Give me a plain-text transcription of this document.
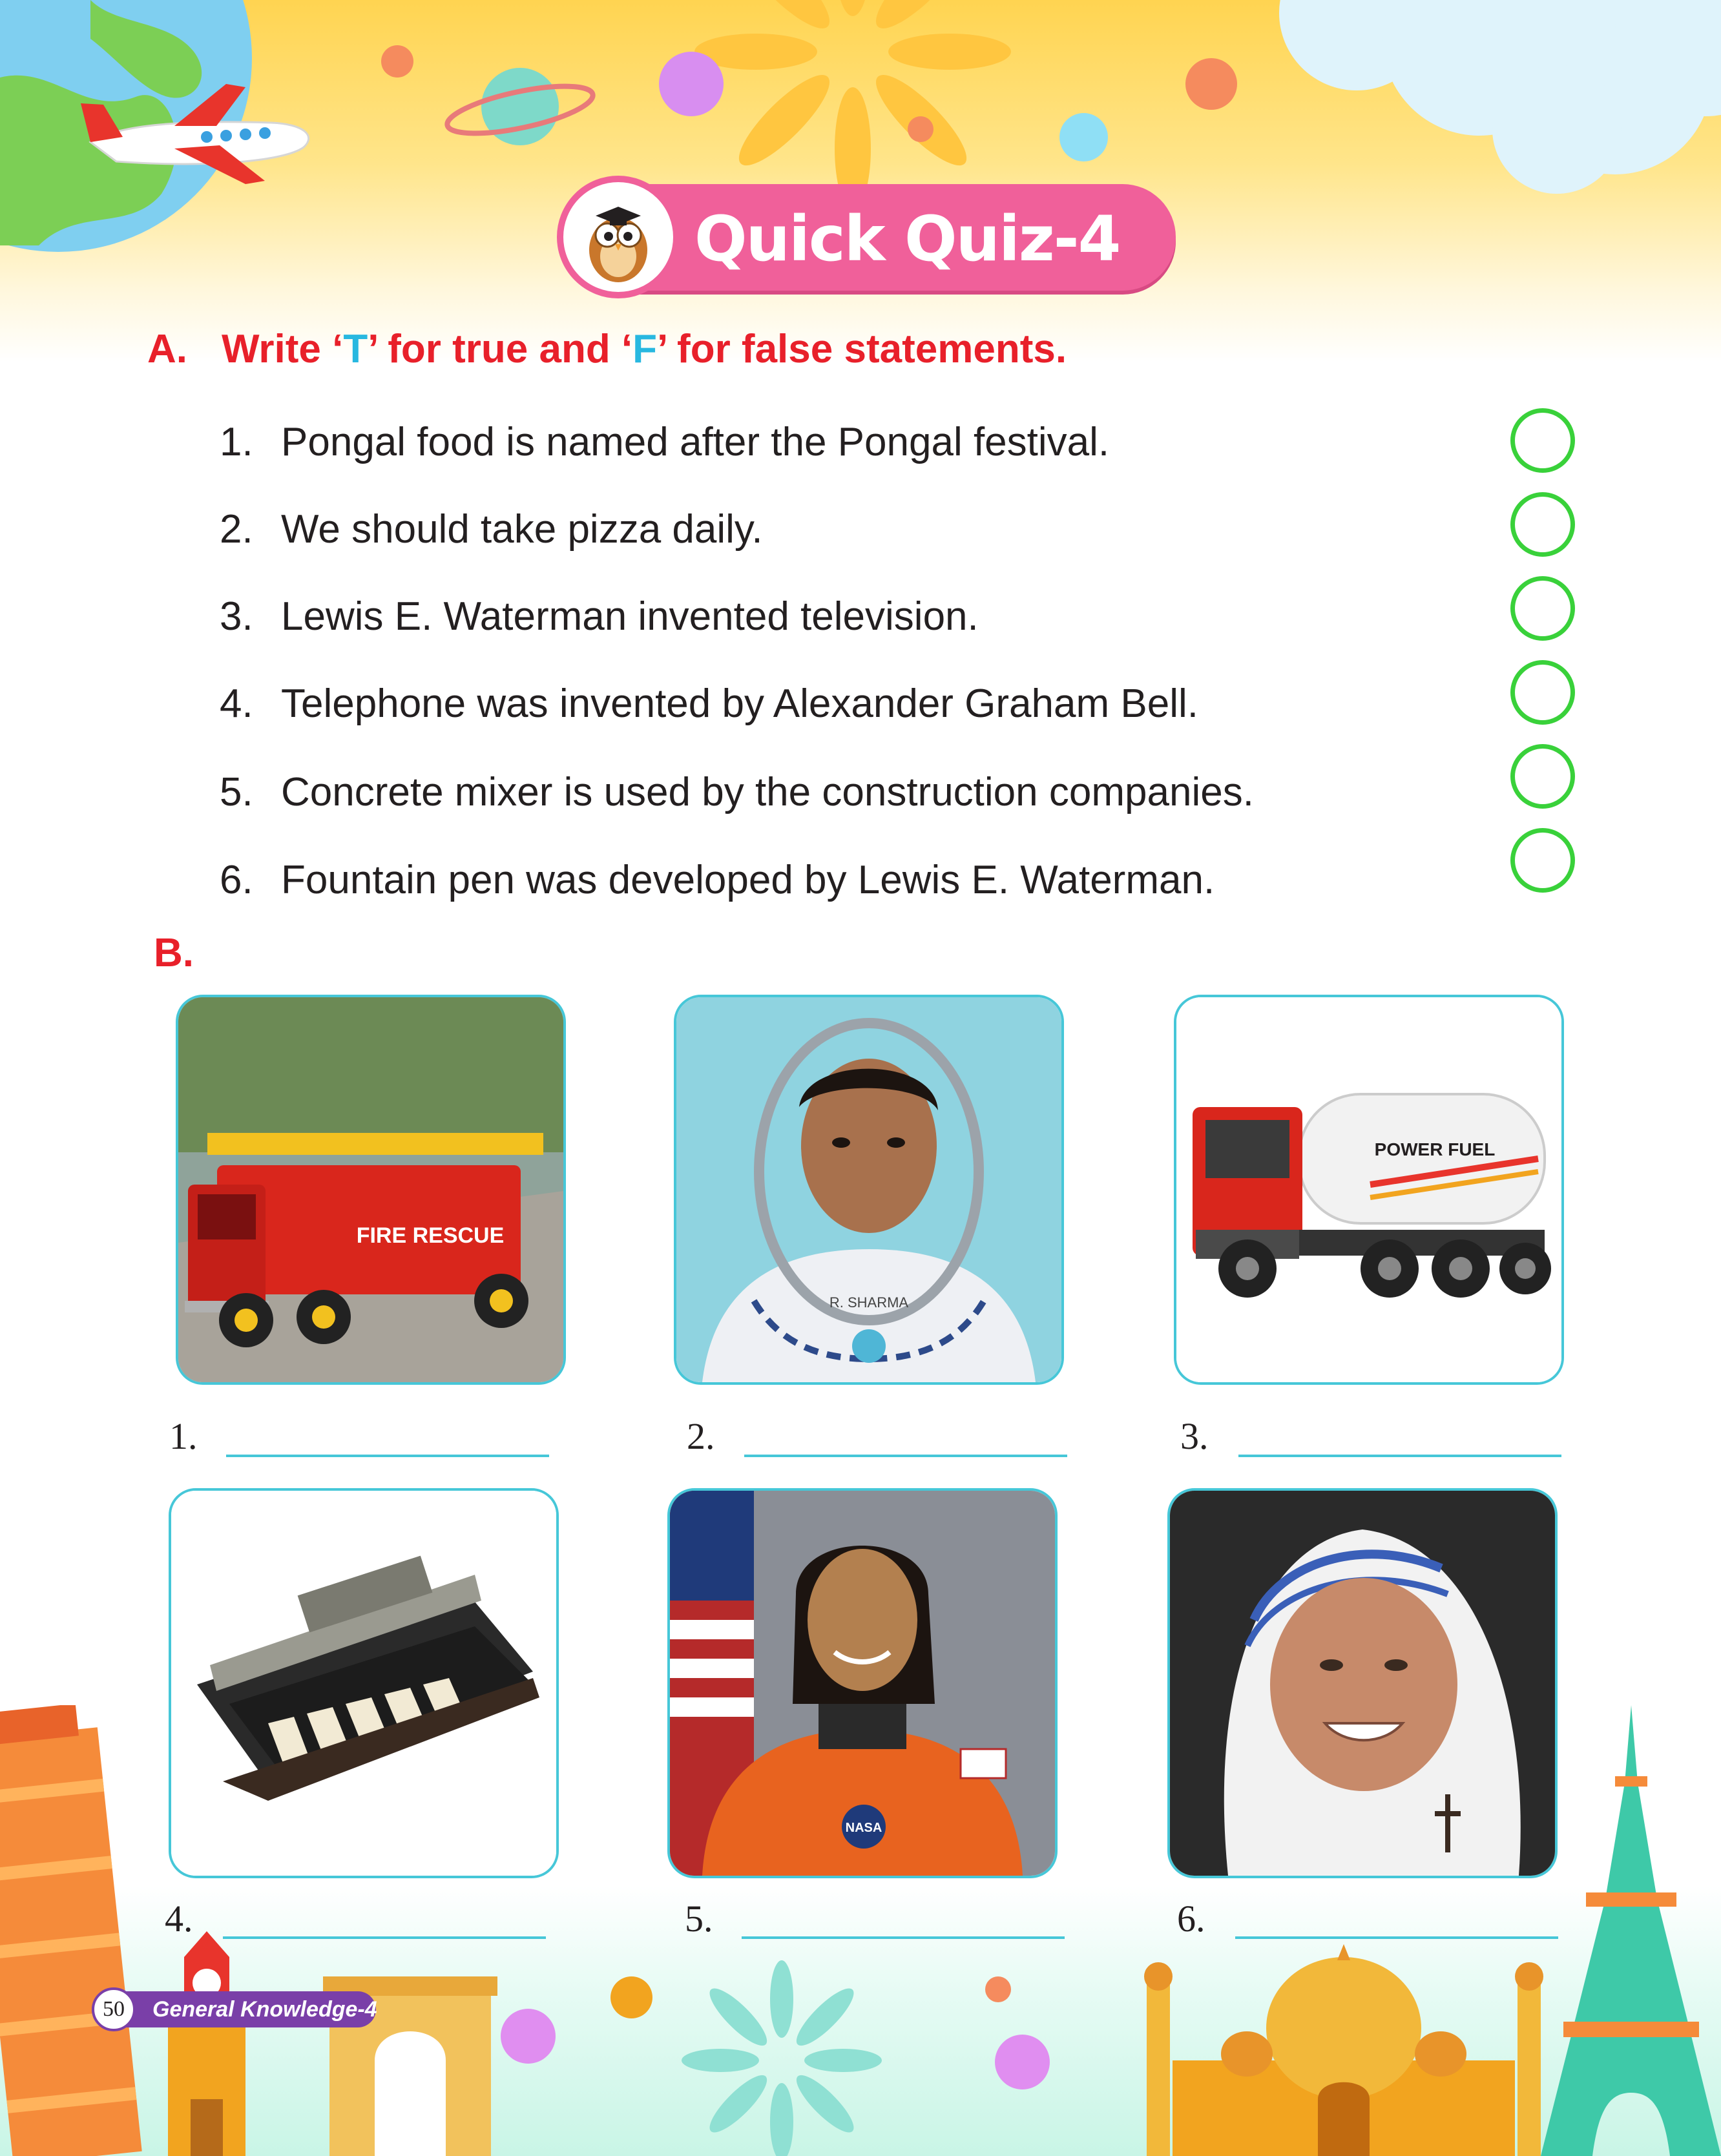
Quick Quiz-4
A. Write ‘T’ for true and ‘F’ for false statements.
1. Pongal food is named after the Pongal festival.
2. We should take pizza daily.
3. Lewis E. Waterman invented television.
4. Telephone was invented by Alexander Graham Bell.
5. Concrete mixer is used by the construction companies.
6. Fountain pen was developed by Lewis E. Waterman.
B.
FIRE RESCUE
R. SHARMA
POWER FUEL
NASA
1.	2.	3.
4.	5.	6.
50	General Knowledge-4
